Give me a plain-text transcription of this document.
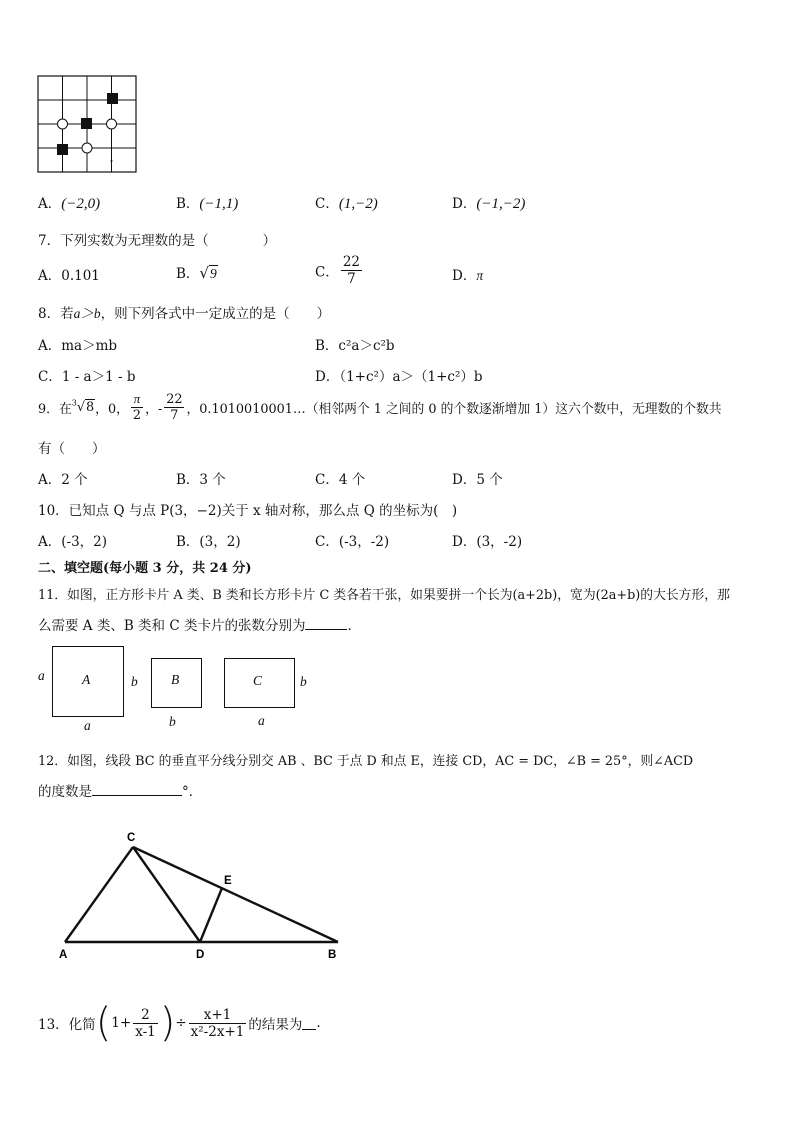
A．(−2,0)	B．(−1,1)	C．(1,−2)	D．(−1,−2)
7．下列实数为无理数的是（　　　　）
A．0.101	B．√9	C． $\frac{22}{7}$	D．π
8．若a＞b，则下列各式中一定成立的是（　　）
A．ma＞mb	B．c²a＞c²b
C．1 - a＞1 - b	D．（1+c²）a＞（1+c²）b
9．在$^3$√8，0， $\frac{\pi}{2}$ ，- $\frac{22}{7}$ ，0.1010010001…（相邻两个 1 之间的 0 的个数逐渐增加 1）这六个数中，无理数的个数共
有（　　）
A．2 个	B．3 个	C．4 个	D．5 个
10．已知点 Q 与点 P(3，−2)关于 x 轴对称，那么点 Q 的坐标为(　)
A．(-3，2)	B．(3，2)	C．(-3，-2)	D．(3，-2)
二、填空题(每小题 3 分，共 24 分)
11．如图，正方形卡片 A 类、B 类和长方形卡片 C 类各若干张，如果要拼一个长为(a+2b)，宽为(2a+b)的大长方形，那
么需要 A 类、B 类和 C 类卡片的张数分别为	．
A
a
a
B
b
b
C	b
a
12．如图，线段 BC 的垂直平分线分别交 AB 、BC 于点 D 和点 E，连接 CD，AC = DC，∠B = 25°，则∠ACD
的度数是	°．
C
E
A	D	B
13．化简($1+ \frac{2}{x-1}$ )÷ $\frac{x+1}{\text{x²-2x+1}}$ 的结果为 .
